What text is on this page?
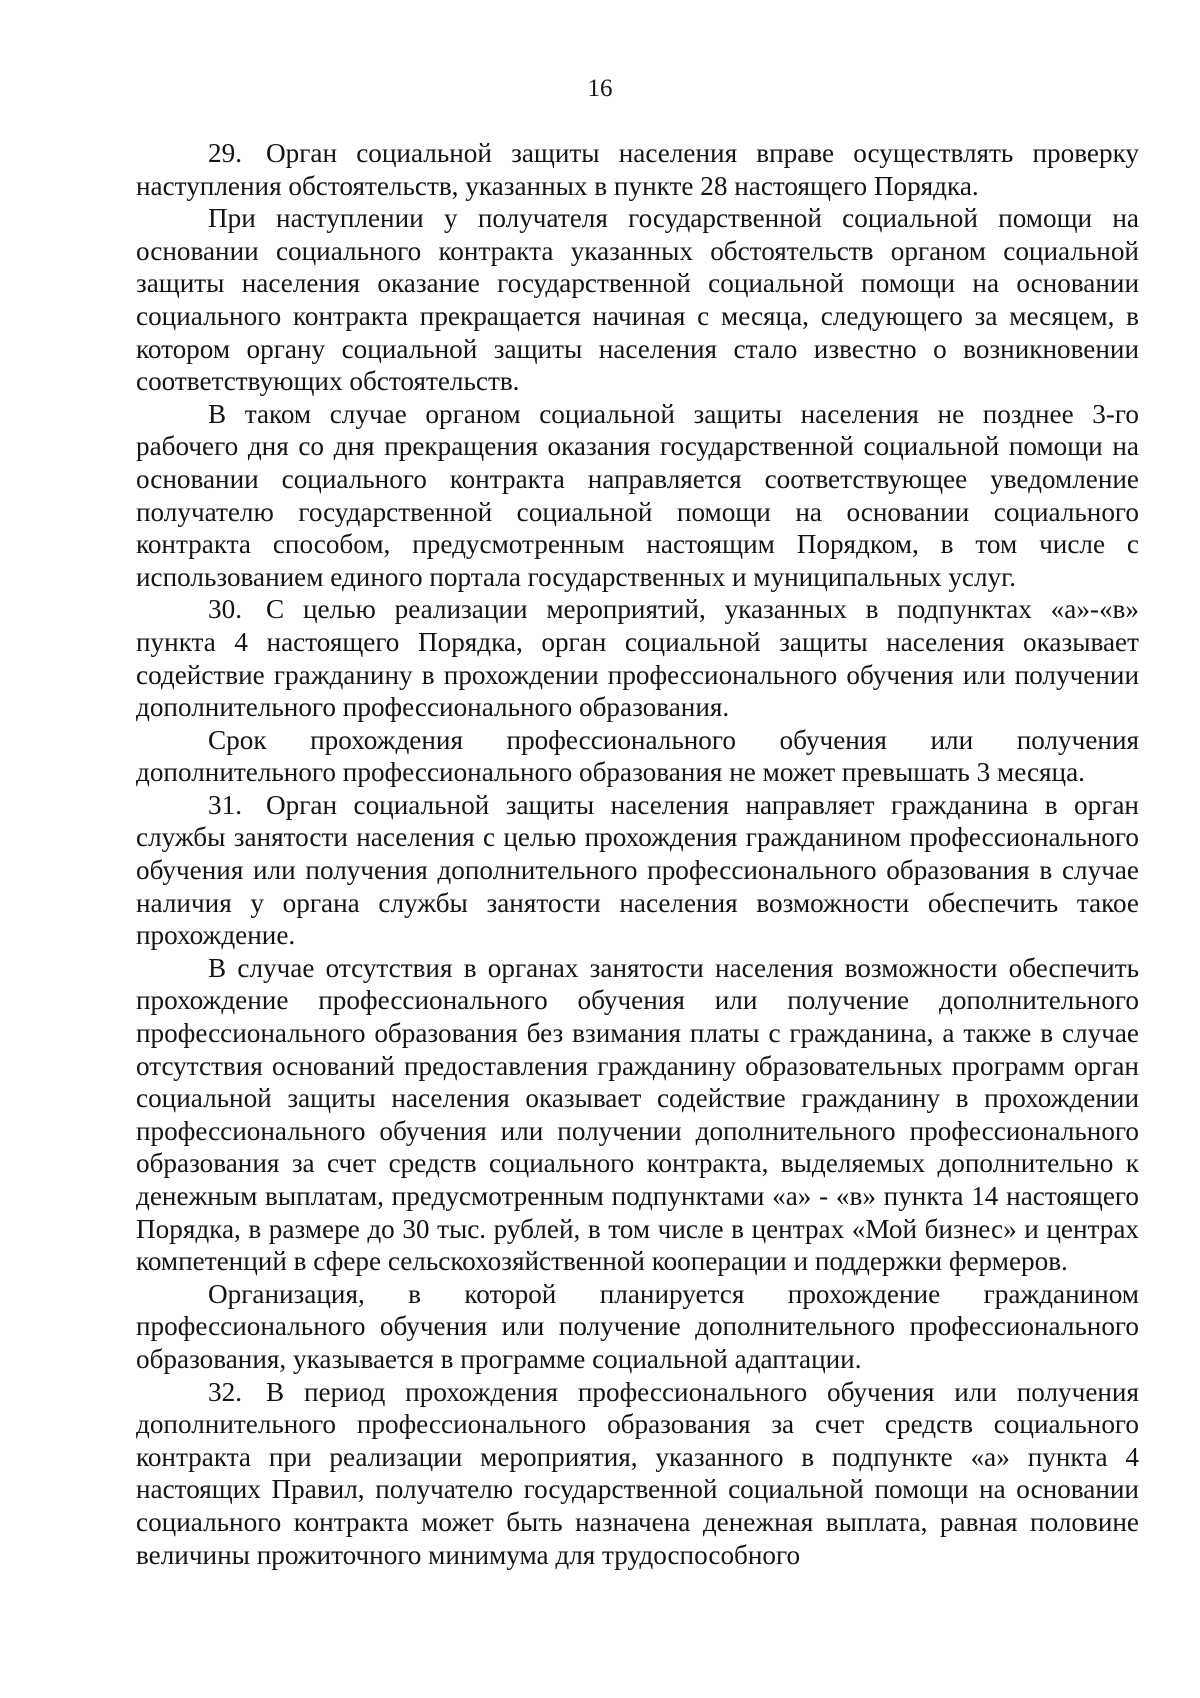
16

29. Орган социальной защиты населения вправе осуществлять проверку наступления обстоятельств, указанных в пункте 28 настоящего Порядка.

При наступлении у получателя государственной социальной помощи на основании социального контракта указанных обстоятельств органом социальной защиты населения оказание государственной социальной помощи на основании социального контракта прекращается начиная с месяца, следующего за месяцем, в котором органу социальной защиты населения стало известно о возникновении соответствующих обстоятельств.

В таком случае органом социальной защиты населения не позднее 3-го рабочего дня со дня прекращения оказания государственной социальной помощи на основании социального контракта направляется соответствующее уведомление получателю государственной социальной помощи на основании социального контракта способом, предусмотренным настоящим Порядком, в том числе с использованием единого портала государственных и муниципальных услуг.

30. С целью реализации мероприятий, указанных в подпунктах «а»-«в» пункта 4 настоящего Порядка, орган социальной защиты населения оказывает содействие гражданину в прохождении профессионального обучения или получении дополнительного профессионального образования.

Срок прохождения профессионального обучения или получения дополнительного профессионального образования не может превышать 3 месяца.

31. Орган социальной защиты населения направляет гражданина в орган службы занятости населения с целью прохождения гражданином профессионального обучения или получения дополнительного профессионального образования в случае наличия у органа службы занятости населения возможности обеспечить такое прохождение.

В случае отсутствия в органах занятости населения возможности обеспечить прохождение профессионального обучения или получение дополнительного профессионального образования без взимания платы с гражданина, а также в случае отсутствия оснований предоставления гражданину образовательных программ орган социальной защиты населения оказывает содействие гражданину в прохождении профессионального обучения или получении дополнительного профессионального образования за счет средств социального контракта, выделяемых дополнительно к денежным выплатам, предусмотренным подпунктами «а» - «в» пункта 14 настоящего Порядка, в размере до 30 тыс. рублей, в том числе в центрах «Мой бизнес» и центрах компетенций в сфере сельскохозяйственной кооперации и поддержки фермеров.

Организация, в которой планируется прохождение гражданином профессионального обучения или получение дополнительного профессионального образования, указывается в программе социальной адаптации.

32. В период прохождения профессионального обучения или получения дополнительного профессионального образования за счет средств социального контракта при реализации мероприятия, указанного в подпункте «а» пункта 4 настоящих Правил, получателю государственной социальной помощи на основании социального контракта может быть назначена денежная выплата, равная половине величины прожиточного минимума для трудоспособного
